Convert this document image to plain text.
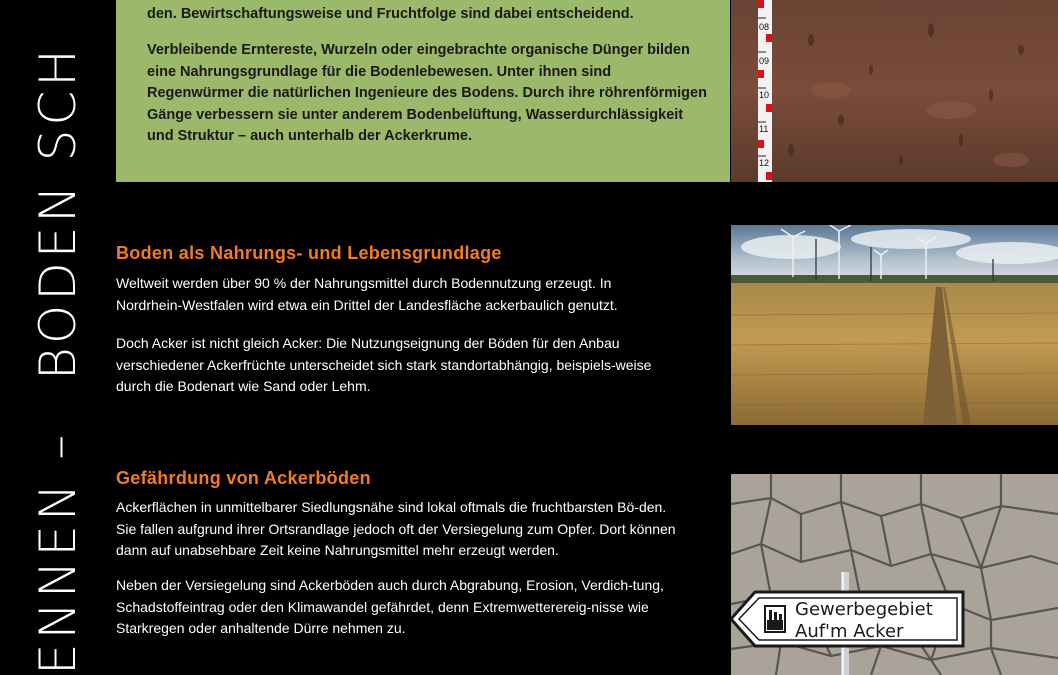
BODEN SCH
ENNEN –

den. Bewirtschaftungsweise und Fruchtfolge sind dabei entscheidend.

Verbleibende Erntereste, Wurzeln oder eingebrachte organische Dünger bilden eine Nahrungsgrundlage für die Bodenlebewesen. Unter ihnen sind Regenwürmer die natürlichen Ingenieure des Bodens. Durch ihre röhrenförmigen Gänge verbessern sie unter anderem Bodenbelüftung, Wasserdurchlässigkeit und Struktur – auch unterhalb der Ackerkrume.

08
09
10
11
12
Boden als Nahrungs- und Lebensgrundlage

Weltweit werden über 90 % der Nahrungsmittel durch Bodennutzung erzeugt. In Nordrhein-Westfalen wird etwa ein Drittel der Landesfläche ackerbaulich genutzt.

Doch Acker ist nicht gleich Acker: Die Nutzungseignung der Böden für den Anbau verschiedener Ackerfrüchte unterscheidet sich stark standortabhängig, beispiels-weise durch die Bodenart wie Sand oder Lehm.

Gefährdung von Ackerböden

Ackerflächen in unmittelbarer Siedlungsnähe sind lokal oftmals die fruchtbarsten Bö-den. Sie fallen aufgrund ihrer Ortsrandlage jedoch oft der Versiegelung zum Opfer. Dort können dann auf unabsehbare Zeit keine Nahrungsmittel mehr erzeugt werden.

Neben der Versiegelung sind Ackerböden auch durch Abgrabung, Erosion, Verdich-tung, Schadstoffeintrag oder den Klimawandel gefährdet, denn Extremwetterereig-nisse wie Starkregen oder anhaltende Dürre nehmen zu.

Gewerbegebiet
Auf'm Acker
